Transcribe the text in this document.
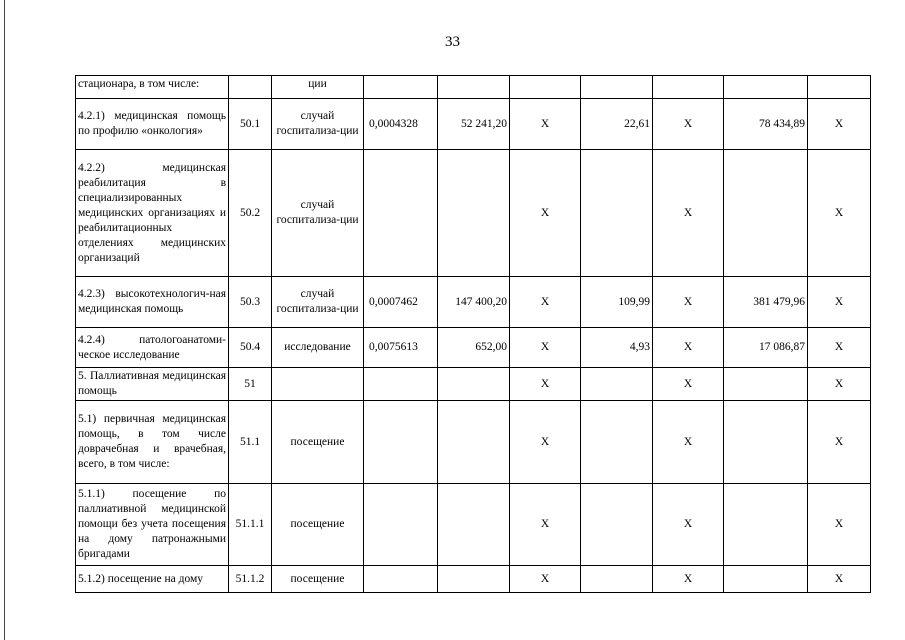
33
стационара, в том числе:		ции							
4.2.1) медицинская помощь по профилю «онкология»	50.1	случай госпитализа-ции	0,0004328	52 241,20	X	22,61	X	78 434,89	X
4.2.2) медицинская реабилитация в специализированных медицинских организациях и реабилитационных отделениях медицинских организаций	50.2	случай госпитализа-ции			X		X		X
4.2.3) высокотехнологич-ная медицинская помощь	50.3	случай госпитализа-ции	0,0007462	147 400,20	X	109,99	X	381 479,96	X
4.2.4) патологоанатоми-ческое исследование	50.4	исследование	0,0075613	652,00	X	4,93	X	17 086,87	X
5. Паллиативная медицинская помощь	51				X		X		X
5.1) первичная медицинская помощь, в том числе доврачебная и врачебная, всего, в том числе:	51.1	посещение			X		X		X
5.1.1) посещение по паллиативной медицинской помощи без учета посещения на дому патронажными бригадами	51.1.1	посещение			X		X		X
5.1.2) посещение на дому	51.1.2	посещение			X		X		X
